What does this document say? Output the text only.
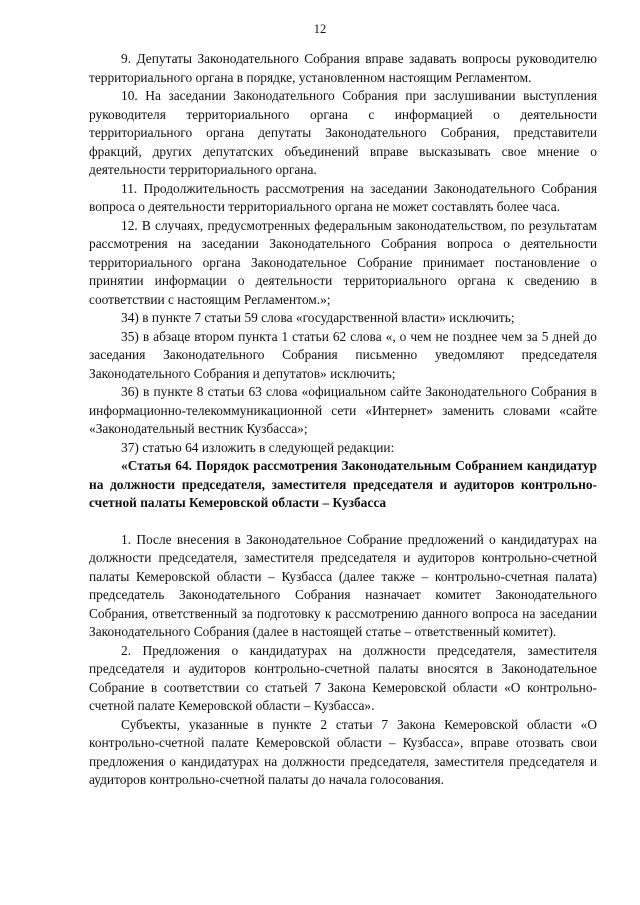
12

9. Депутаты Законодательного Собрания вправе задавать вопросы руководителю территориального органа в порядке, установленном настоящим Регламентом.

10. На заседании Законодательного Собрания при заслушивании выступления руководителя территориального органа с информацией о деятельности территориального органа депутаты Законодательного Собрания, представители фракций, других депутатских объединений вправе высказывать свое мнение о деятельности территориального органа.

11. Продолжительность рассмотрения на заседании Законодательного Собрания вопроса о деятельности территориального органа не может составлять более часа.

12. В случаях, предусмотренных федеральным законодательством, по результатам рассмотрения на заседании Законодательного Собрания вопроса о деятельности территориального органа Законодательное Собрание принимает постановление о принятии информации о деятельности территориального органа к сведению в соответствии с настоящим Регламентом.»;

34) в пункте 7 статьи 59 слова «государственной власти» исключить;

35) в абзаце втором пункта 1 статьи 62 слова «, о чем не позднее чем за 5 дней до заседания Законодательного Собрания письменно уведомляют председателя Законодательного Собрания и депутатов» исключить;

36) в пункте 8 статьи 63 слова «официальном сайте Законодательного Собрания в информационно-телекоммуникационной сети «Интернет» заменить словами «сайте «Законодательный вестник Кузбасса»;

37) статью 64 изложить в следующей редакции:

«Статья 64. Порядок рассмотрения Законодательным Собранием кандидатур на должности председателя, заместителя председателя и аудиторов контрольно-счетной палаты Кемеровской области – Кузбасса

1. После внесения в Законодательное Собрание предложений о кандидатурах на должности председателя, заместителя председателя и аудиторов контрольно-счетной палаты Кемеровской области – Кузбасса (далее также – контрольно-счетная палата) председатель Законодательного Собрания назначает комитет Законодательного Собрания, ответственный за подготовку к рассмотрению данного вопроса на заседании Законодательного Собрания (далее в настоящей статье – ответственный комитет).

2. Предложения о кандидатурах на должности председателя, заместителя председателя и аудиторов контрольно-счетной палаты вносятся в Законодательное Собрание в соответствии со статьей 7 Закона Кемеровской области «О контрольно-счетной палате Кемеровской области – Кузбасса».

Субъекты, указанные в пункте 2 статьи 7 Закона Кемеровской области «О контрольно-счетной палате Кемеровской области – Кузбасса», вправе отозвать свои предложения о кандидатурах на должности председателя, заместителя председателя и аудиторов контрольно-счетной палаты до начала голосования.
